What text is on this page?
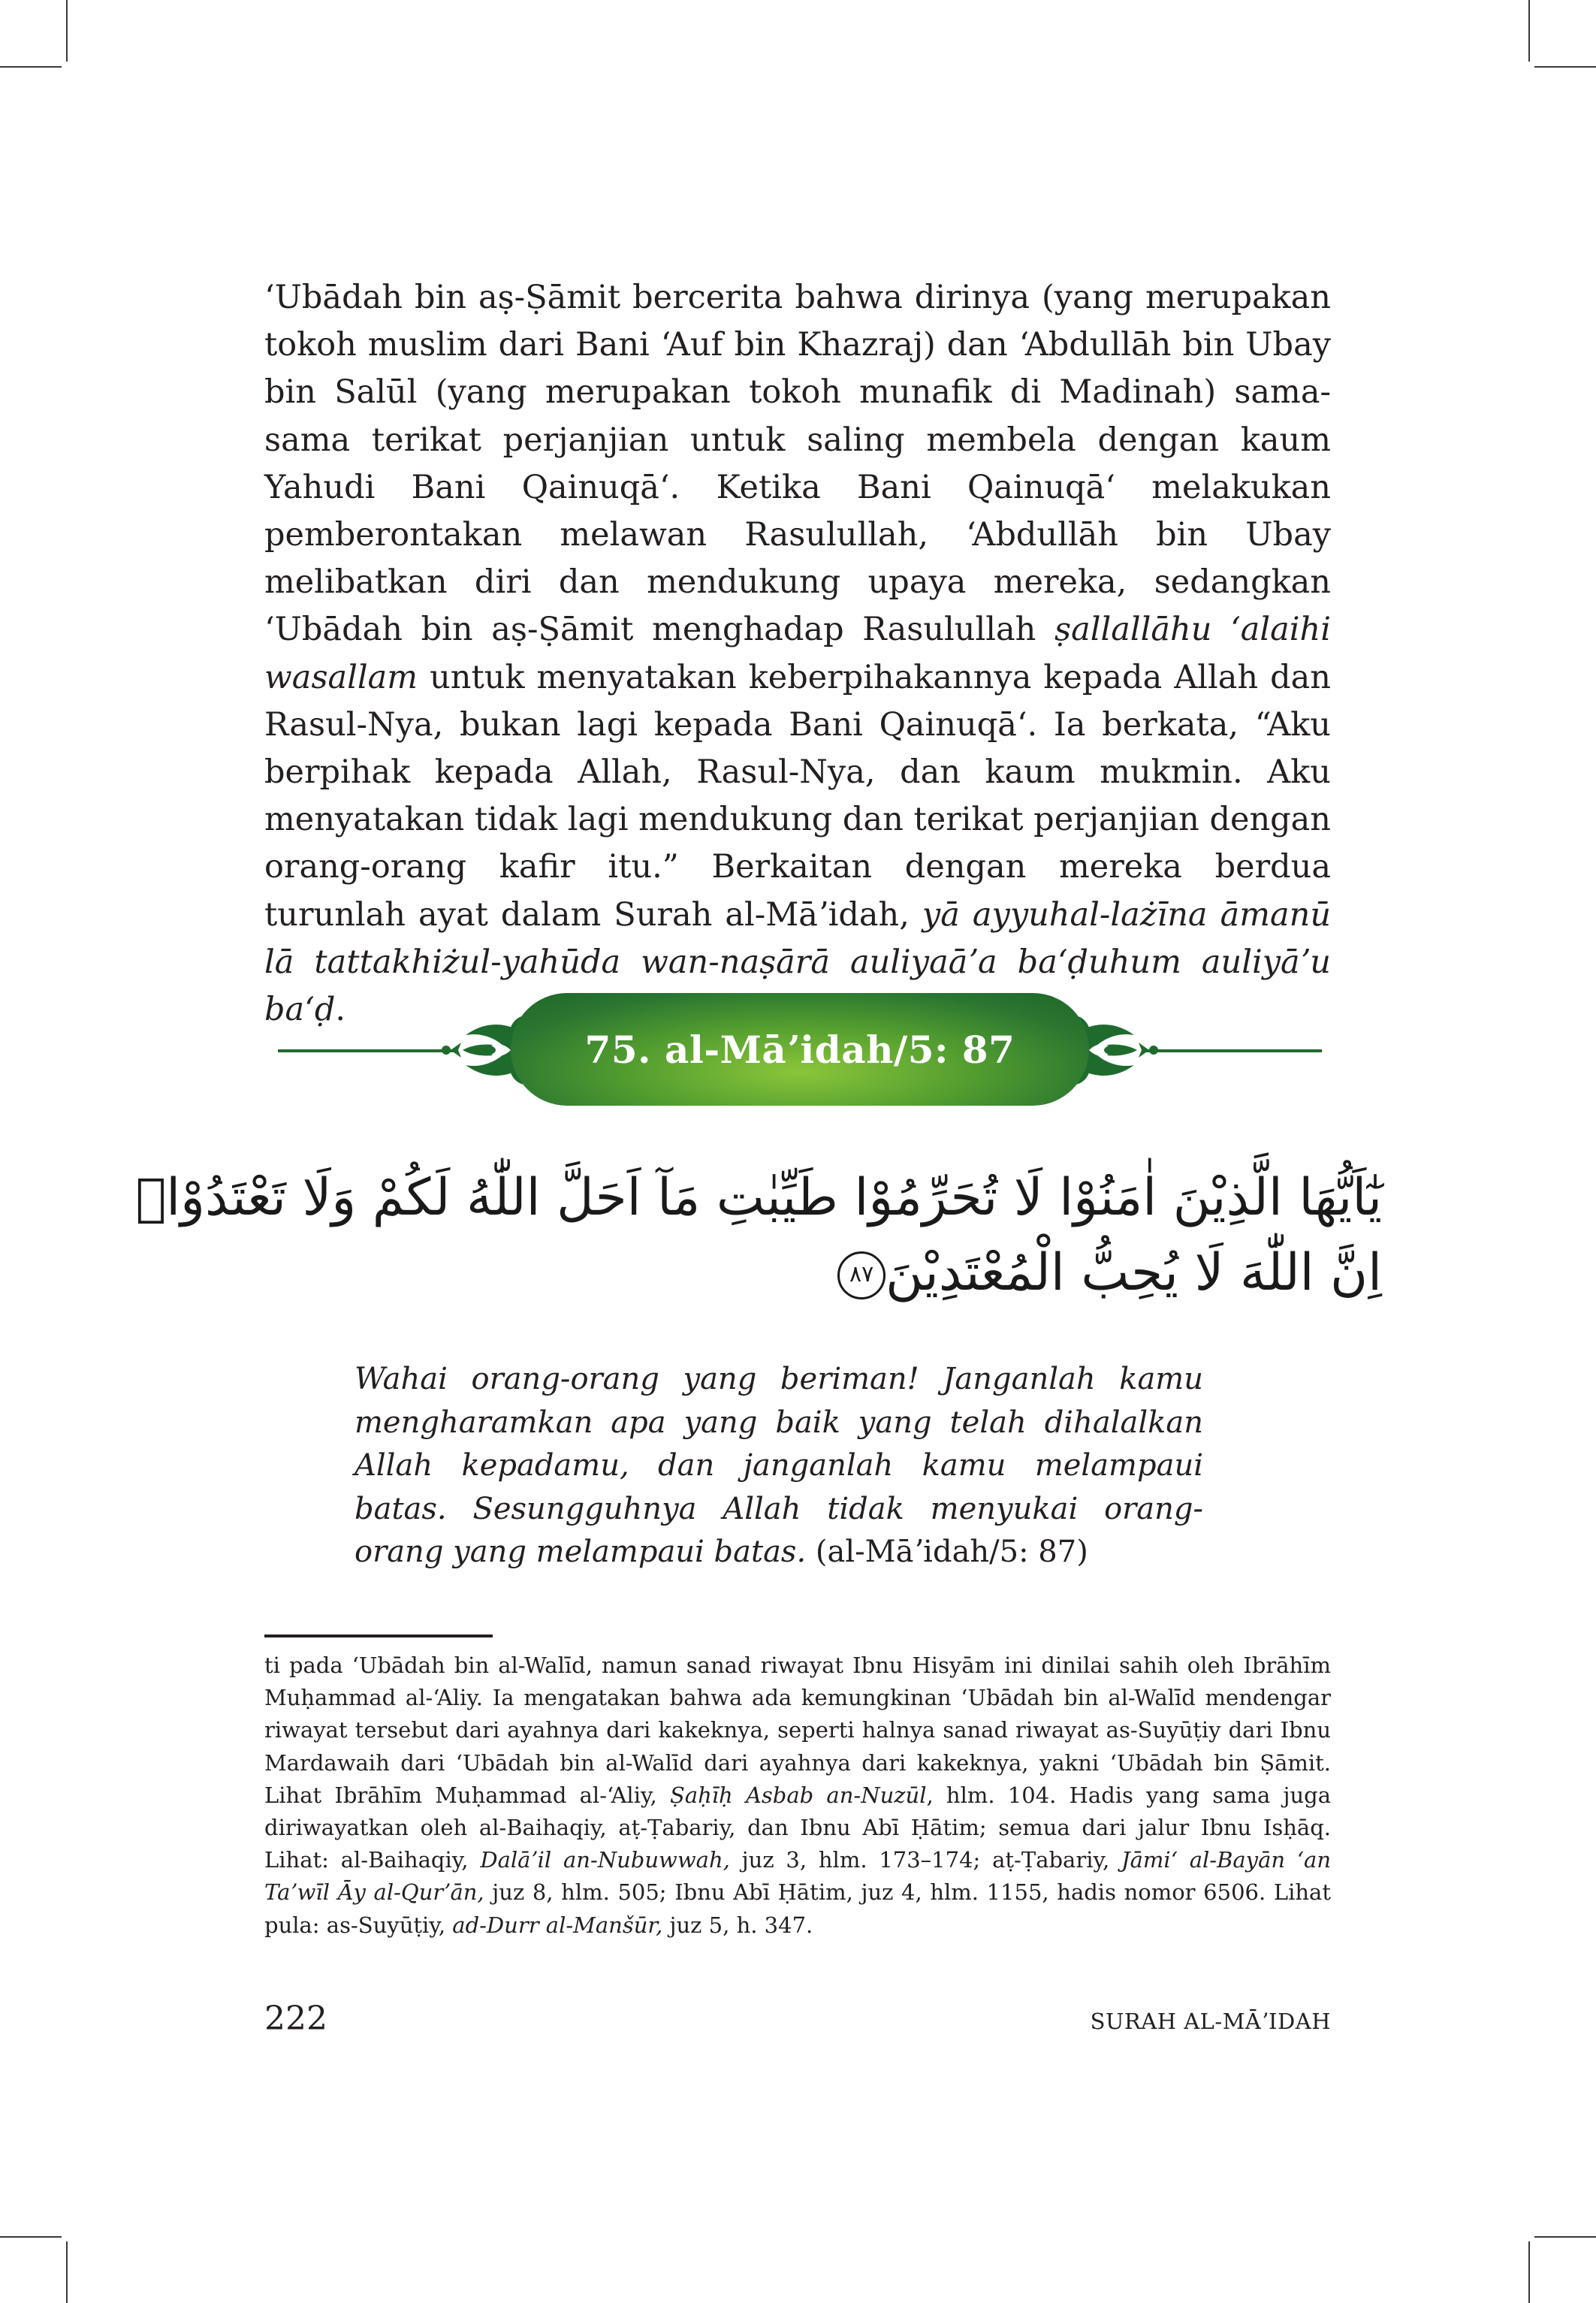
ʻUbādah bin aṣ-Ṣāmit bercerita bahwa dirinya (yang merupakan tokoh muslim dari Bani ʻAuf bin Khazraj) dan ʻAbdullāh bin Ubay bin Salūl (yang merupakan tokoh munafik di Madinah) sama-sama terikat perjanjian untuk saling membela dengan kaum Yahudi Bani Qainuqāʻ. Ketika Bani Qainuqāʻ melakukan pemberontakan melawan Rasulullah, ʻAbdullāh bin Ubay melibatkan diri dan mendukung upaya mereka, sedangkan ʻUbādah bin aṣ-Ṣāmit menghadap Rasulullah ṣallallāhu ʻalaihi wasallam untuk menyatakan keberpihakannya kepada Allah dan Rasul-Nya, bukan lagi kepada Bani Qainuqāʻ. Ia berkata, “Aku berpihak kepada Allah, Rasul-Nya, dan kaum mukmin. Aku menyatakan tidak lagi mendukung dan terikat perjanjian dengan orang-orang kafir itu.” Berkaitan dengan mereka berdua turunlah ayat dalam Surah al-Māʼidah, yā ayyuhal-lażīna āmanū lā tattakhiżul-yahūda wan-naṣārā auliyaāʼa baʻḍuhum auliyāʼu baʻḍ.

75. al-Māʼidah/5: 87
يٰٓاَيُّهَا الَّذِيْنَ اٰمَنُوْا لَا تُحَرِّمُوْا طَيِّبٰتِ مَآ اَحَلَّ اللّٰهُ لَكُمْ وَلَا تَعْتَدُوْاۗ
اِنَّ اللّٰهَ لَا يُحِبُّ الْمُعْتَدِيْنَ٨٧

Wahai orang-orang yang beriman! Janganlah kamu mengharamkan apa yang baik yang telah dihalalkan Allah kepadamu, dan janganlah kamu melampaui batas. Sesungguhnya Allah tidak menyukai orang-orang yang melampaui batas. (al-Māʼidah/5: 87)

ti pada ʻUbādah bin al-Walīd, namun sanad riwayat Ibnu Hisyām ini dinilai sahih oleh Ibrāhīm Muḥammad al-ʻAliy. Ia mengatakan bahwa ada kemungkinan ʻUbādah bin al-Walīd mendengar riwayat tersebut dari ayahnya dari kakeknya, seperti halnya sanad riwayat as-Suyūṭiy dari Ibnu Mardawaih dari ʻUbādah bin al-Walīd dari ayahnya dari kakeknya, yakni ʻUbādah bin Ṣāmit. Lihat Ibrāhīm Muḥammad al-ʻAliy, Ṣaḥīḥ Asbab an-Nuzūl, hlm. 104. Hadis yang sama juga diriwayatkan oleh al-Baihaqiy, aṭ-Ṭabariy, dan Ibnu Abī Ḥātim; semua dari jalur Ibnu Isḥāq. Lihat: al-Baihaqiy, Dalāʼil an-Nubuwwah, juz 3, hlm. 173–174; aṭ-Ṭabariy, Jāmiʻ al-Bayān ʻan Taʼwīl Āy al-Qurʼān, juz 8, hlm. 505; Ibnu Abī Ḥātim, juz 4, hlm. 1155, hadis nomor 6506. Lihat pula: as-Suyūṭiy, ad-Durr al-Manšūr, juz 5, h. 347.

222	SURAH AL-MĀʼIDAH
